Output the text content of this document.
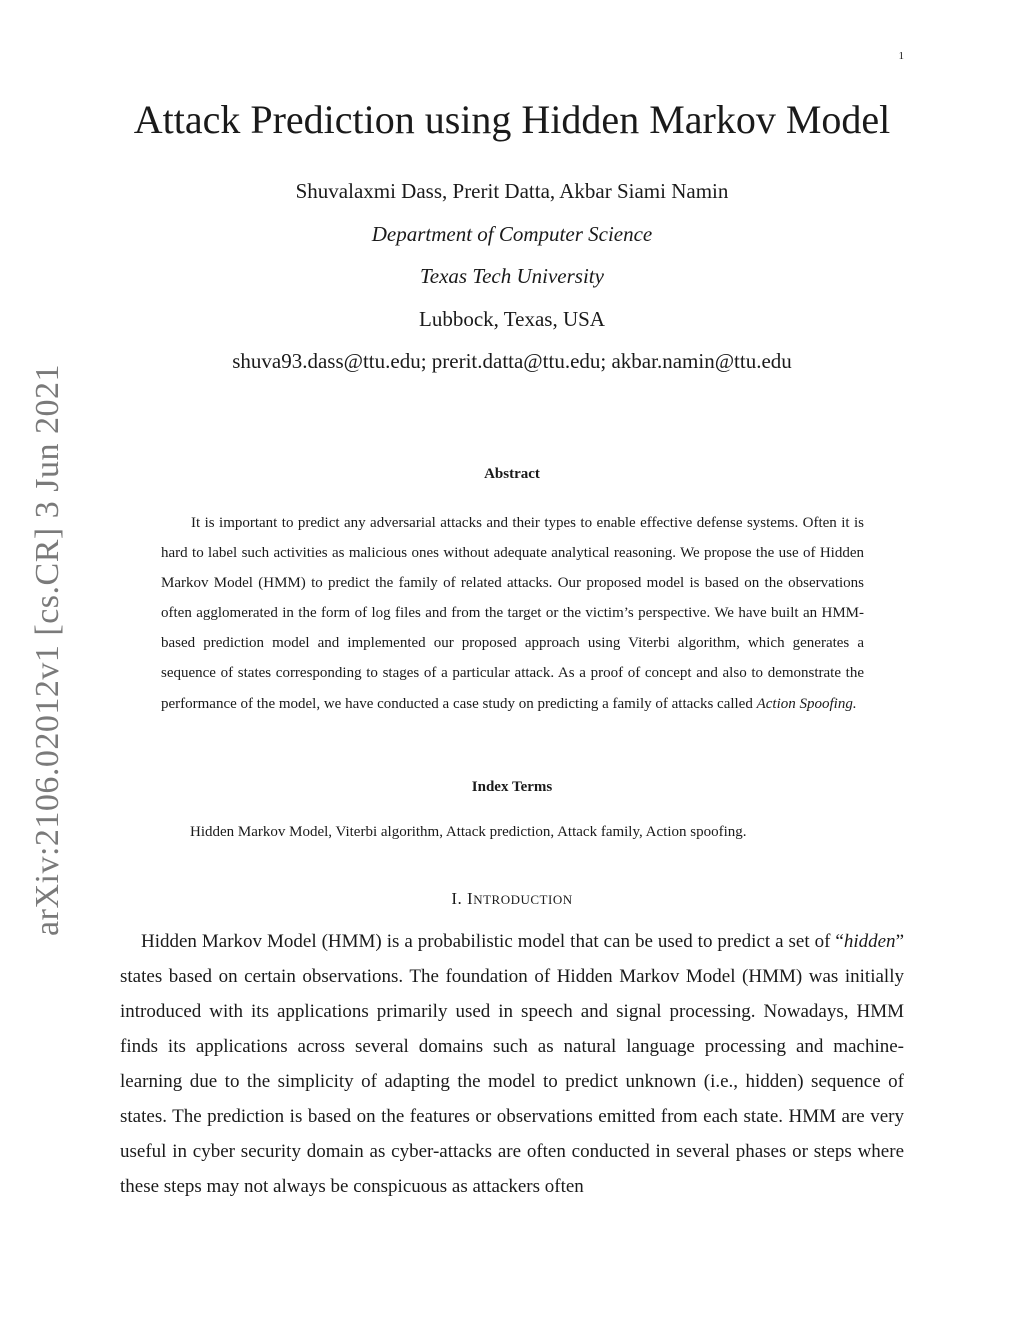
1
arXiv:2106.02012v1 [cs.CR] 3 Jun 2021
Attack Prediction using Hidden Markov Model
Shuvalaxmi Dass, Prerit Datta, Akbar Siami Namin
Department of Computer Science
Texas Tech University
Lubbock, Texas, USA
shuva93.dass@ttu.edu; prerit.datta@ttu.edu; akbar.namin@ttu.edu
Abstract

It is important to predict any adversarial attacks and their types to enable effective defense systems. Often it is hard to label such activities as malicious ones without adequate analytical reasoning. We propose the use of Hidden Markov Model (HMM) to predict the family of related attacks. Our proposed model is based on the observations often agglomerated in the form of log files and from the target or the victim’s perspective. We have built an HMM-based prediction model and implemented our proposed approach using Viterbi algorithm, which generates a sequence of states corresponding to stages of a particular attack. As a proof of concept and also to demonstrate the performance of the model, we have conducted a case study on predicting a family of attacks called Action Spoofing.

Index Terms
Hidden Markov Model, Viterbi algorithm, Attack prediction, Attack family, Action spoofing.
I. INTRODUCTION

Hidden Markov Model (HMM) is a probabilistic model that can be used to predict a set of “hidden” states based on certain observations. The foundation of Hidden Markov Model (HMM) was initially introduced with its applications primarily used in speech and signal processing. Nowadays, HMM finds its applications across several domains such as natural language processing and machine-learning due to the simplicity of adapting the model to predict unknown (i.e., hidden) sequence of states. The prediction is based on the features or observations emitted from each state. HMM are very useful in cyber security domain as cyber-attacks are often conducted in several phases or steps where these steps may not always be conspicuous as attackers often
